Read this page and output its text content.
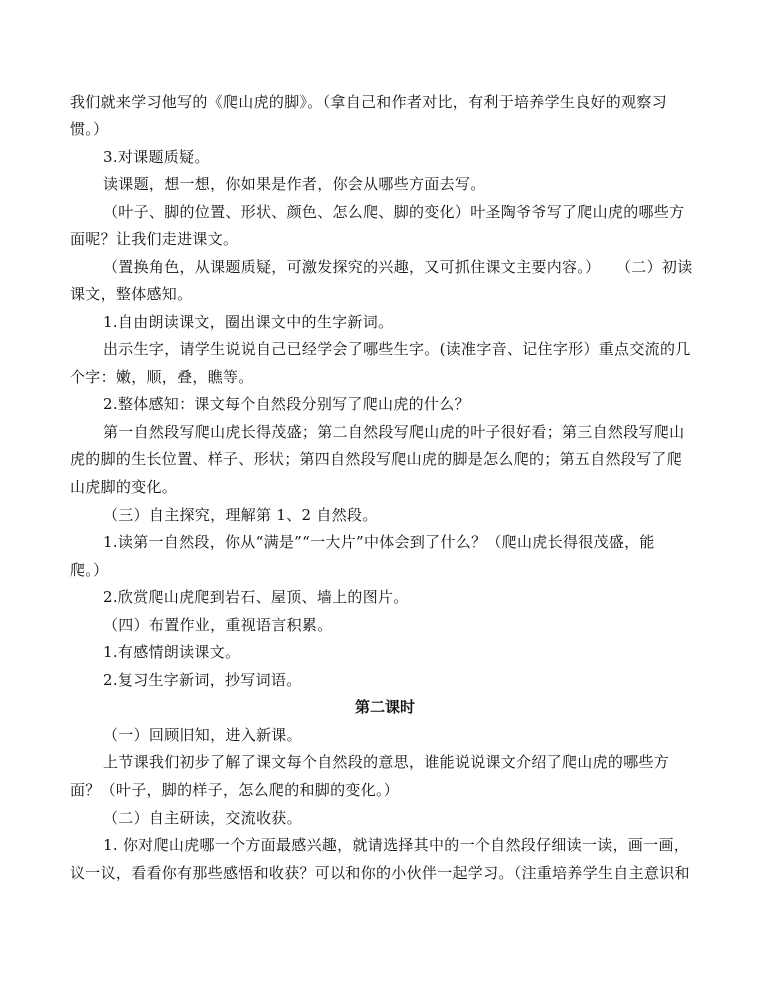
我们就来学习他写的《爬山虎的脚》。（拿自己和作者对比，有利于培养学生良好的观察习
惯。）
3.对课题质疑。
读课题，想一想，你如果是作者，你会从哪些方面去写。
（叶子、脚的位置、形状、颜色、怎么爬、脚的变化）叶圣陶爷爷写了爬山虎的哪些方
面呢？让我们走进课文。
（置换角色，从课题质疑，可激发探究的兴趣，又可抓住课文主要内容。）　　（二）初读
课文，整体感知。
1.自由朗读课文，圈出课文中的生字新词。
出示生字，请学生说说自己已经学会了哪些生字。(读准字音、记住字形）重点交流的几
个字：嫩，顺，叠，瞧等。
2.整体感知：课文每个自然段分别写了爬山虎的什么？
第一自然段写爬山虎长得茂盛；第二自然段写爬山虎的叶子很好看；第三自然段写爬山
虎的脚的生长位置、样子、形状；第四自然段写爬山虎的脚是怎么爬的；第五自然段写了爬
山虎脚的变化。
（三）自主探究，理解第 1、2 自然段。
1.读第一自然段，你从“满是”“一大片”中体会到了什么？（爬山虎长得很茂盛，能
爬。）
2.欣赏爬山虎爬到岩石、屋顶、墙上的图片。
（四）布置作业，重视语言积累。
1.有感情朗读课文。
2.复习生字新词，抄写词语。
第二课时
（一）回顾旧知，进入新课。
上节课我们初步了解了课文每个自然段的意思，谁能说说课文介绍了爬山虎的哪些方
面？（叶子，脚的样子，怎么爬的和脚的变化。）
（二）自主研读，交流收获。
1. 你对爬山虎哪一个方面最感兴趣，就请选择其中的一个自然段仔细读一读，画一画，
议一议，看看你有那些感悟和收获？可以和你的小伙伴一起学习。（注重培养学生自主意识和
